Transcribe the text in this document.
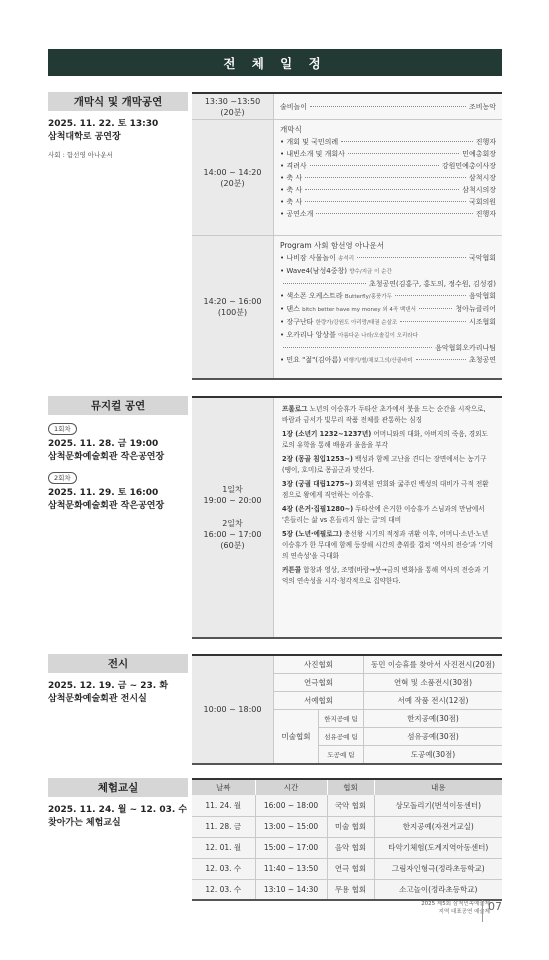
전 체 일 정
개막식 및 개막공연
2025. 11. 22. 토 13:30
삼척대학로 공연장
사회 : 함선영 아나운서
13:30 ~13:50
(20분)
술비놀이	조비농악
14:00 ~ 14:20
(20분)
개막식
• 개회 및 국민의례	진행자
• 내빈소개 및 개회사	민예총회장
• 격려사	강원민예총이사장
• 축 사	삼척시장
• 축 사	삼척시의장
• 축 사	국회의원
• 공연소개	진행자
14:20 ~ 16:00
(100분)
Program 사회 함선영 아나운서
• 나비잠 사물놀이
송석리	국악협회
• Wave4(남성4중창)
향수/지금 이 순간
초청공연(김홍구, 홍도의, 정수원, 김성겸)
• 색소폰 오케스트라
Butterfly/홍풍가두	음악협회
• 댄스
bitch better have my money 외 4곡 백댄서	청아뉴클리어
• 장구난타
한량가/강원도 아리랑/태권 순살조	시조협회
• 오카리나 앙상블
아름다운 나라/오솔길이 오리라다
음악협회오카리나팀
• 민요 "젊"(김아름)
비행기/별/채보그의/산골바미	초청공연
뮤지컬 공연
1회차
2025. 11. 28. 금 19:00
삼척문화예술회관 작은공연장
2회차
2025. 11. 29. 토 16:00
삼척문화예술회관 작은공연장
1일차
19:00 ~ 20:00
2일차
16:00 ~ 17:00
(60분)

프롤로그 노년의 이승휴가 두타산 초가에서 붓을 드는 순간을 시작으로, 바람과 금서가 빛무리 작품 전체를 관통하는 심징

1장 (소년기 1232~1237년) 어머니와의 대화, 아버지의 죽음, 경외도로의 유학을 통해 배움과 울음을 부각

2장 (몽골 침입1253~) 백성과 함께 고난을 견디는 장면에서는 농기구(땡이, 호미)로 몽골군과 맞선다.

3장 (궁궐 대립1275~) 회색된 연회와 굶주린 백성의 대비가 극적 전환점으로 왕에게 직언하는 이승휴.

4장 (은거·집필1280~) 두타산에 은거한 이승휴가 스님과의 만남에서 '흔들리는 삶 vs 흔들리지 않는 글'의 대비

5장 (노년·에필로그) 충선왕 시기의 적정과 귀환 이후, 어머니·소년·노년 이승휴가 한 무대에 함께 등장해 시간의 층위를 겹쳐 '역사의 전승'과 '기억의 연속성'을 극대화

커튼콜 합창과 영상, 조명(바람→붓→금의 변화)을 통해 역사의 전승과 기억의 연속성을 시각·청각적으로 집약한다.

전시
2025. 12. 19. 금 ~ 23. 화
삼척문화예술회관 전시실
10:00 ~ 18:00
사진협회	동민 이승휴를 찾아서 사진전시(20점)
연극협회	연혁 및 소품전시(30점)
서예협회	서예 작품 전시(12점)
미술협회
한지공예 팀	한지공예(30점)
섬유공예 팀	섬유공예(30점)
도공예 팀	도공예(30점)
체험교실
2025. 11. 24. 월 ~ 12. 03. 수
찾아가는 체험교실
날짜	시간	협회	내용
11. 24. 월	16:00 ~ 18:00	국악 협회	상모돌리기(번석이동센터)
11. 28. 금	13:00 ~ 15:00	미술 협회	한지공예(자전거교실)
12. 01. 월	15:00 ~ 17:00	음악 협회	타악기체험(도계지역아동센터)
12. 03. 수	11:40 ~ 13:50	연극 협회	그림자인형극(정라초등학교)
12. 03. 수	13:10 ~ 14:30	무용 협회	소고놀이(정라초등학교)
2025 제5회 삼척민족예술제
지역 대표공연 예술제
07
